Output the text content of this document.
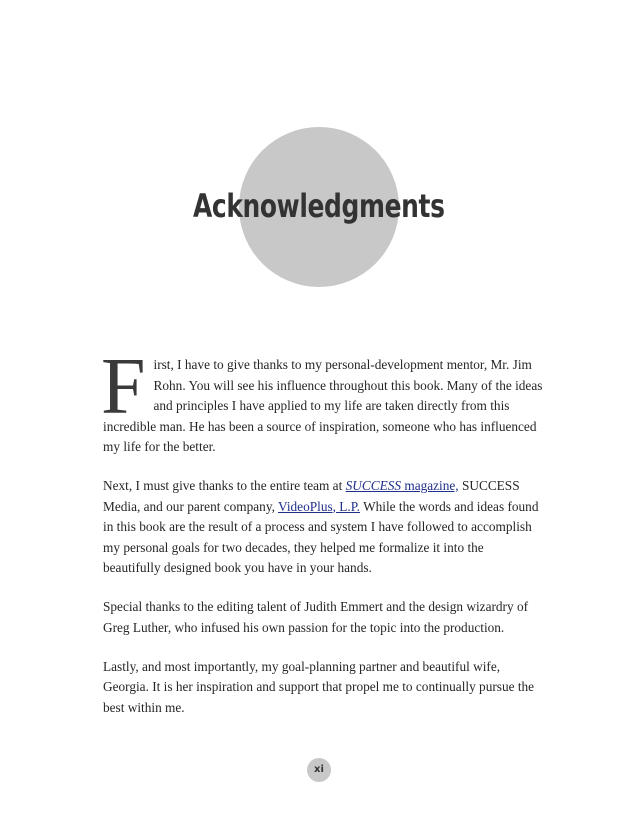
Acknowledgments

First, I have to give thanks to my personal-development mentor, Mr. Jim Rohn. You will see his influence throughout this book. Many of the ideas and principles I have applied to my life are taken directly from this incredible man. He has been a source of inspiration, someone who has influenced my life for the better.

Next, I must give thanks to the entire team at SUCCESS magazine, SUCCESS Media, and our parent company, VideoPlus, L.P. While the words and ideas found in this book are the result of a process and system I have followed to accomplish my personal goals for two decades, they helped me formalize it into the beautifully designed book you have in your hands.

Special thanks to the editing talent of Judith Emmert and the design wizardry of Greg Luther, who infused his own passion for the topic into the production.

Lastly, and most importantly, my goal-planning partner and beautiful wife, Georgia. It is her inspiration and support that propel me to continually pursue the best within me.

xi
